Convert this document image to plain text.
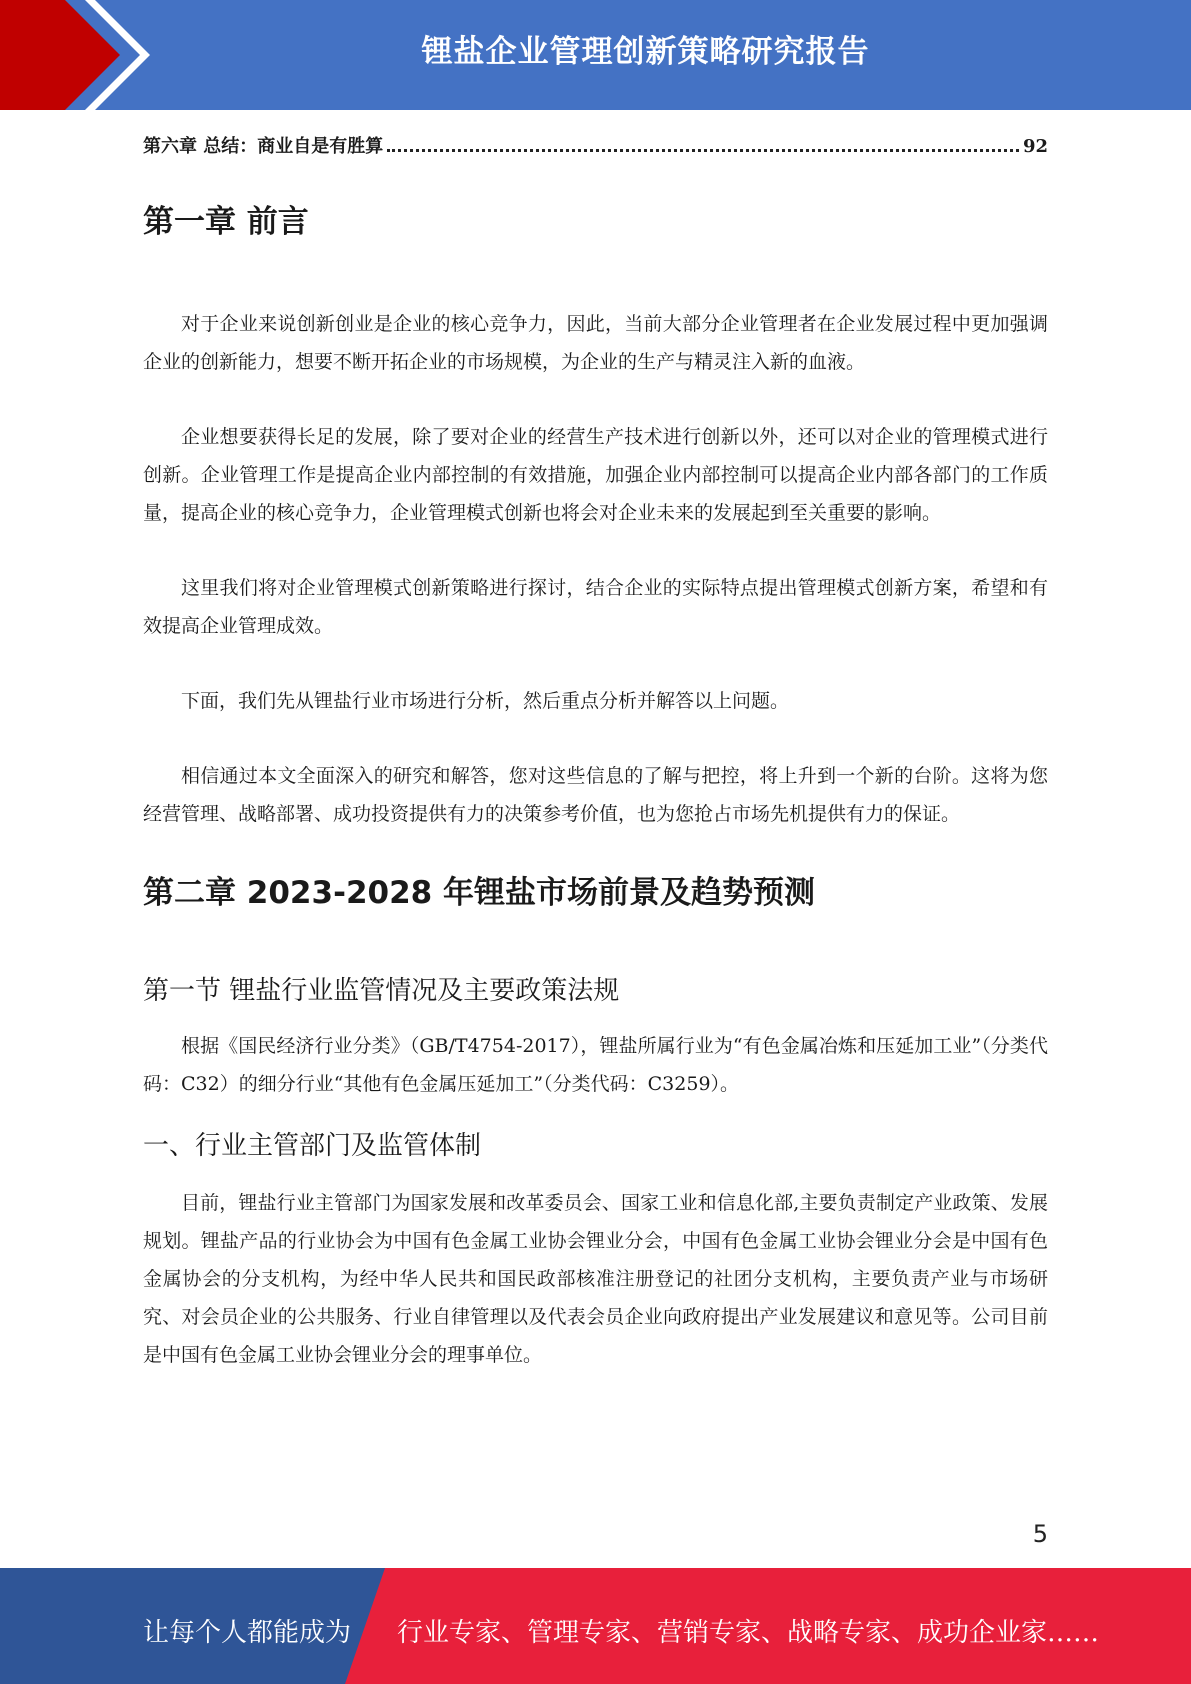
锂盐企业管理创新策略研究报告
第六章 总结：商业自是有胜算	92
第一章 前言

对于企业来说创新创业是企业的核心竞争力，因此，当前大部分企业管理者在企业发展过程中更加强调企业的创新能力，想要不断开拓企业的市场规模，为企业的生产与精灵注入新的血液。

企业想要获得长足的发展，除了要对企业的经营生产技术进行创新以外，还可以对企业的管理模式进行创新。企业管理工作是提高企业内部控制的有效措施，加强企业内部控制可以提高企业内部各部门的工作质量，提高企业的核心竞争力，企业管理模式创新也将会对企业未来的发展起到至关重要的影响。

这里我们将对企业管理模式创新策略进行探讨，结合企业的实际特点提出管理模式创新方案，希望和有效提高企业管理成效。

下面，我们先从锂盐行业市场进行分析，然后重点分析并解答以上问题。

相信通过本文全面深入的研究和解答，您对这些信息的了解与把控，将上升到一个新的台阶。这将为您经营管理、战略部署、成功投资提供有力的决策参考价值，也为您抢占市场先机提供有力的保证。

第二章 2023-2028 年锂盐市场前景及趋势预测
第一节 锂盐行业监管情况及主要政策法规

根据《国民经济行业分类》（GB/T4754-2017），锂盐所属行业为“有色金属冶炼和压延加工业”（分类代码：C32）的细分行业“其他有色金属压延加工”（分类代码：C3259）。

一、行业主管部门及监管体制

目前，锂盐行业主管部门为国家发展和改革委员会、国家工业和信息化部,主要负责制定产业政策、发展规划。锂盐产品的行业协会为中国有色金属工业协会锂业分会，中国有色金属工业协会锂业分会是中国有色金属协会的分支机构，为经中华人民共和国民政部核准注册登记的社团分支机构，主要负责产业与市场研究、对会员企业的公共服务、行业自律管理以及代表会员企业向政府提出产业发展建议和意见等。公司目前是中国有色金属工业协会锂业分会的理事单位。

5
让每个人都能成为 行业专家、管理专家、营销专家、战略专家、成功企业家……
